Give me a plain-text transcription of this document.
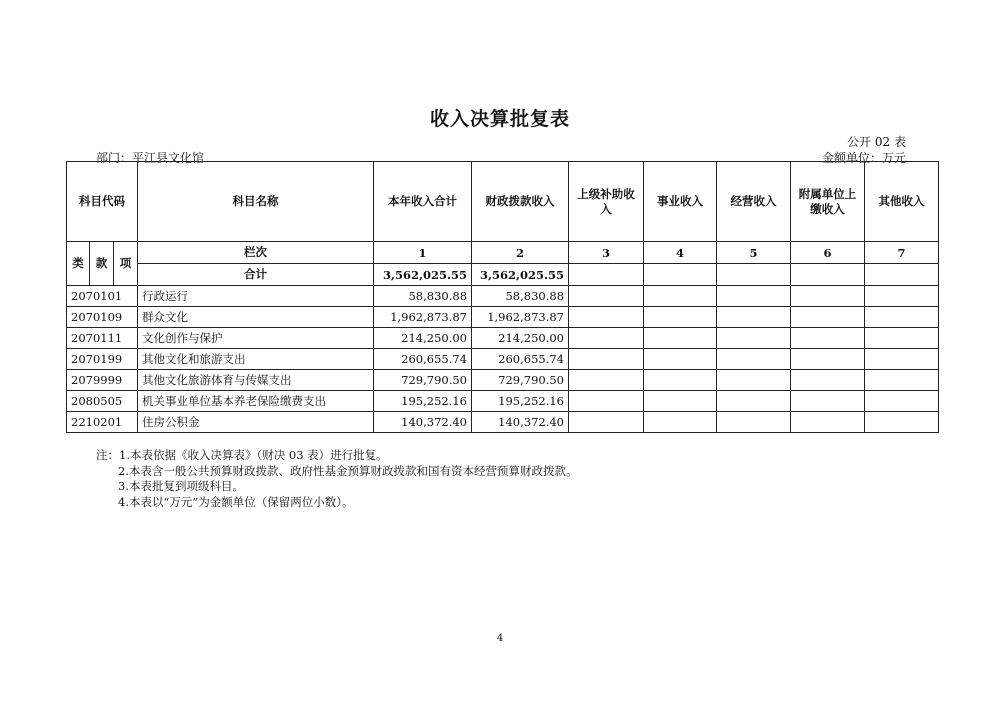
收入决算批复表
公开 02 表
部门：平江县文化馆	金额单位：万元
科目代码			科目名称	本年收入合计	财政拨款收入	上级补助收入	事业收入	经营收入	附属单位上缴收入	其他收入
类	款	项	栏次	1	2	3	4	5	6	7
			合计	3,562,025.55	3,562,025.55					
2070101			行政运行	58,830.88	58,830.88					
2070109			群众文化	1,962,873.87	1,962,873.87					
2070111			文化创作与保护	214,250.00	214,250.00					
2070199			其他文化和旅游支出	260,655.74	260,655.74					
2079999			其他文化旅游体育与传媒支出	729,790.50	729,790.50					
2080505			机关事业单位基本养老保险缴费支出	195,252.16	195,252.16					
2210201			住房公积金	140,372.40	140,372.40					
注：1.本表依据《收入决算表》（财决 03 表）进行批复。
2.本表含一般公共预算财政拨款、政府性基金预算财政拨款和国有资本经营预算财政拨款。
3.本表批复到项级科目。
4.本表以“万元”为金额单位（保留两位小数）。
4
